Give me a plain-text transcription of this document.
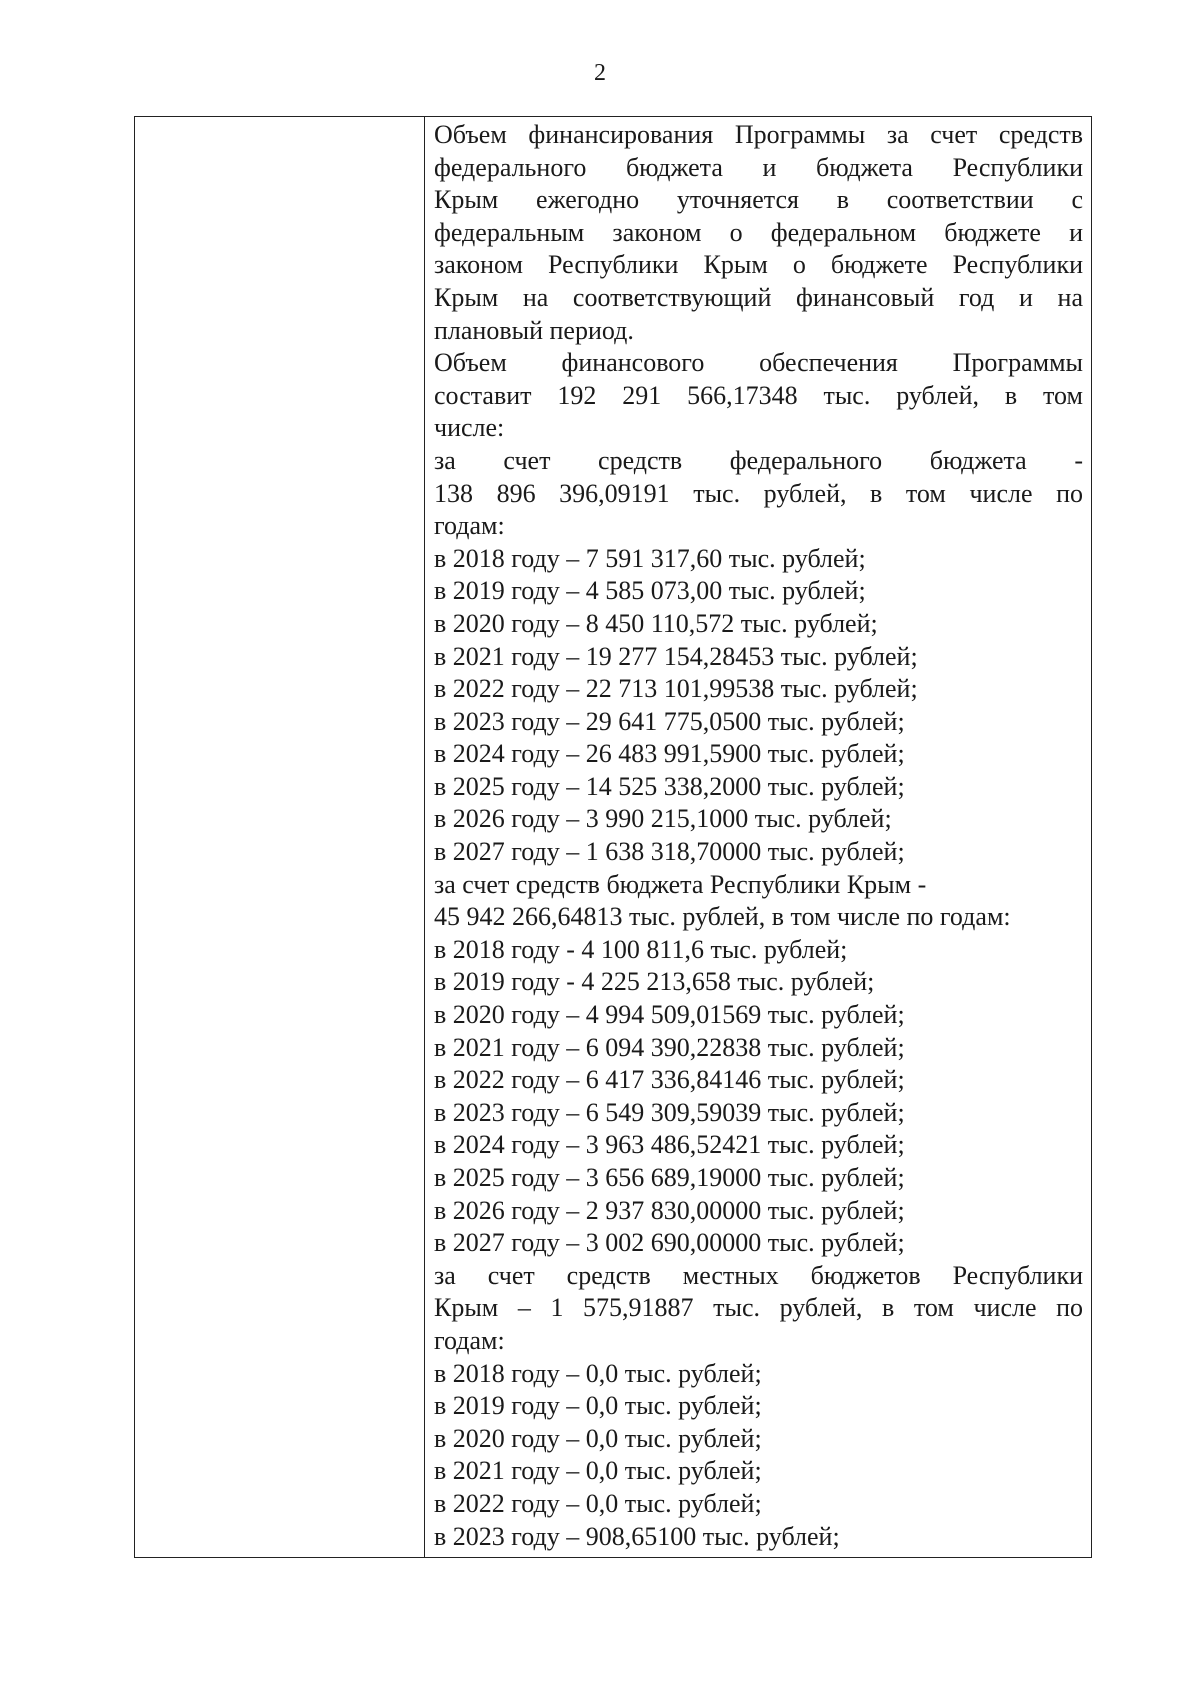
2
Объем финансирования Программы за счет средств
федерального бюджета и бюджета Республики
Крым ежегодно уточняется в соответствии с
федеральным законом о федеральном бюджете и
законом Республики Крым о бюджете Республики
Крым на соответствующий финансовый год и на
плановый период.
Объем финансового обеспечения Программы
составит 192 291 566,17348 тыс. рублей, в том
числе:
за счет средств федерального бюджета -
138 896 396,09191 тыс. рублей, в том числе по
годам:
в 2018 году – 7 591 317,60 тыс. рублей;
в 2019 году – 4 585 073,00 тыс. рублей;
в 2020 году – 8 450 110,572 тыс. рублей;
в 2021 году – 19 277 154,28453 тыс. рублей;
в 2022 году – 22 713 101,99538 тыс. рублей;
в 2023 году – 29 641 775,0500 тыс. рублей;
в 2024 году – 26 483 991,5900 тыс. рублей;
в 2025 году – 14 525 338,2000 тыс. рублей;
в 2026 году – 3 990 215,1000 тыс. рублей;
в 2027 году – 1 638 318,70000 тыс. рублей;
за счет средств бюджета Республики Крым -
45 942 266,64813 тыс. рублей, в том числе по годам:
в 2018 году - 4 100 811,6 тыс. рублей;
в 2019 году - 4 225 213,658 тыс. рублей;
в 2020 году – 4 994 509,01569 тыс. рублей;
в 2021 году – 6 094 390,22838 тыс. рублей;
в 2022 году – 6 417 336,84146 тыс. рублей;
в 2023 году – 6 549 309,59039 тыс. рублей;
в 2024 году – 3 963 486,52421 тыс. рублей;
в 2025 году – 3 656 689,19000 тыс. рублей;
в 2026 году – 2 937 830,00000 тыс. рублей;
в 2027 году – 3 002 690,00000 тыс. рублей;
за счет средств местных бюджетов Республики
Крым – 1 575,91887 тыс. рублей, в том числе по
годам:
в 2018 году – 0,0 тыс. рублей;
в 2019 году – 0,0 тыс. рублей;
в 2020 году – 0,0 тыс. рублей;
в 2021 году – 0,0 тыс. рублей;
в 2022 году – 0,0 тыс. рублей;
в 2023 году – 908,65100 тыс. рублей;
